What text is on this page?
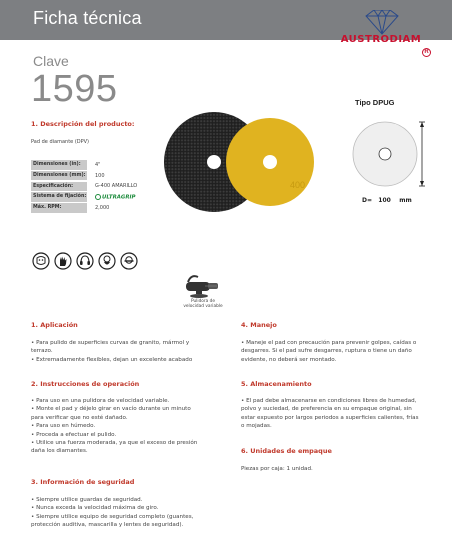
Ficha técnica
AUSTRODIAM
R
Clave
1595
1. Descripción del producto:
Pad de diamante (DPV)
Dimensiones (in):	4"
Dimensiones (mm):	100
Especificación:	G-400 AMARILLO
Sistema de fijación:	ULTRAGRIP
Máx. RPM:	2,000
400
Tipo DPUG
D= 100 mm
Pulidora de
velocidad variable
1. Aplicación
• Para pulido de superficies curvas de granito, mármol y
terrazo.
• Extremadamente flexibles, dejan un excelente acabado
2. Instrucciones de operación
• Para uso en una pulidora de velocidad variable.
• Monte el pad y déjelo girar en vacío durante un minuto
para verificar que no esté dañado.
• Para uso en húmedo.
• Proceda a efectuar el pulido.
• Utilice una fuerza moderada, ya que el exceso de presión
daña los diamantes.
3. Información de seguridad
• Siempre utilice guardas de seguridad.
• Nunca exceda la velocidad máxima de giro.
• Siempre utilice equipo de seguridad completo (guantes,
protección auditiva, mascarilla y lentes de seguridad).
4. Manejo
• Maneje el pad con precaución para prevenir golpes, caídas o
desgarres. Si el pad sufre desgarres, ruptura o tiene un daño
evidente, no deberá ser montado.
5. Almacenamiento
• El pad debe almacenarse en condiciones libres de humedad,
polvo y suciedad, de preferencia en su empaque original, sin
estar expuesto por largos periodos a superficies calientes, frías
o mojadas.
6. Unidades de empaque
Piezas por caja: 1 unidad.
